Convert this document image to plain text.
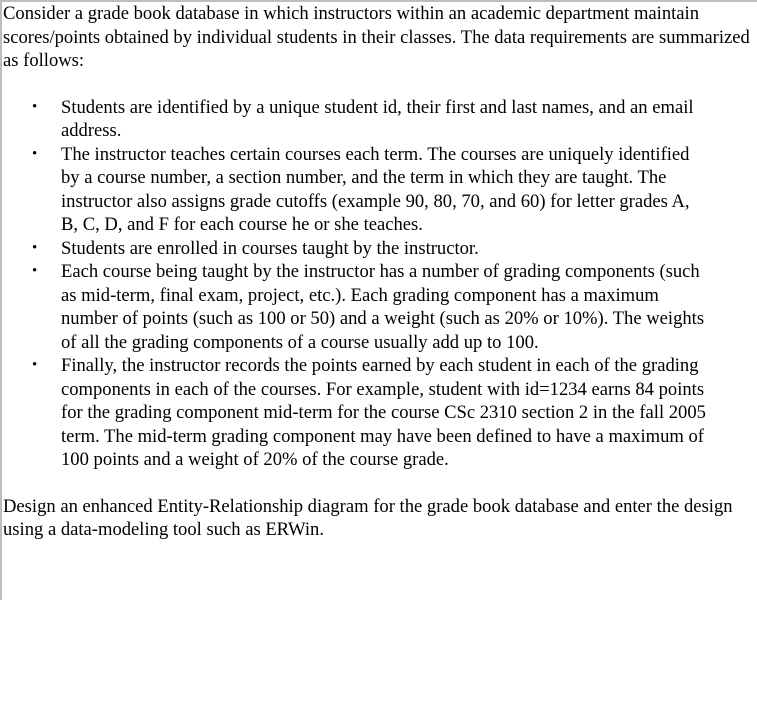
Consider a grade book database in which instructors within an academic department maintain scores/points obtained by individual students in their classes. The data requirements are summarized as follows:

• Students are identified by a unique student id, their first and last names, and an email address.
• The instructor teaches certain courses each term. The courses are uniquely identified by a course number, a section number, and the term in which they are taught. The instructor also assigns grade cutoffs (example 90, 80, 70, and 60) for letter grades A, B, C, D, and F for each course he or she teaches.
• Students are enrolled in courses taught by the instructor.
• Each course being taught by the instructor has a number of grading components (such as mid-term, final exam, project, etc.). Each grading component has a maximum number of points (such as 100 or 50) and a weight (such as 20% or 10%). The weights of all the grading components of a course usually add up to 100.
• Finally, the instructor records the points earned by each student in each of the grading components in each of the courses. For example, student with id=1234 earns 84 points for the grading component mid-term for the course CSc 2310 section 2 in the fall 2005 term. The mid-term grading component may have been defined to have a maximum of 100 points and a weight of 20% of the course grade.

Design an enhanced Entity-Relationship diagram for the grade book database and enter the design using a data-modeling tool such as ERWin.
